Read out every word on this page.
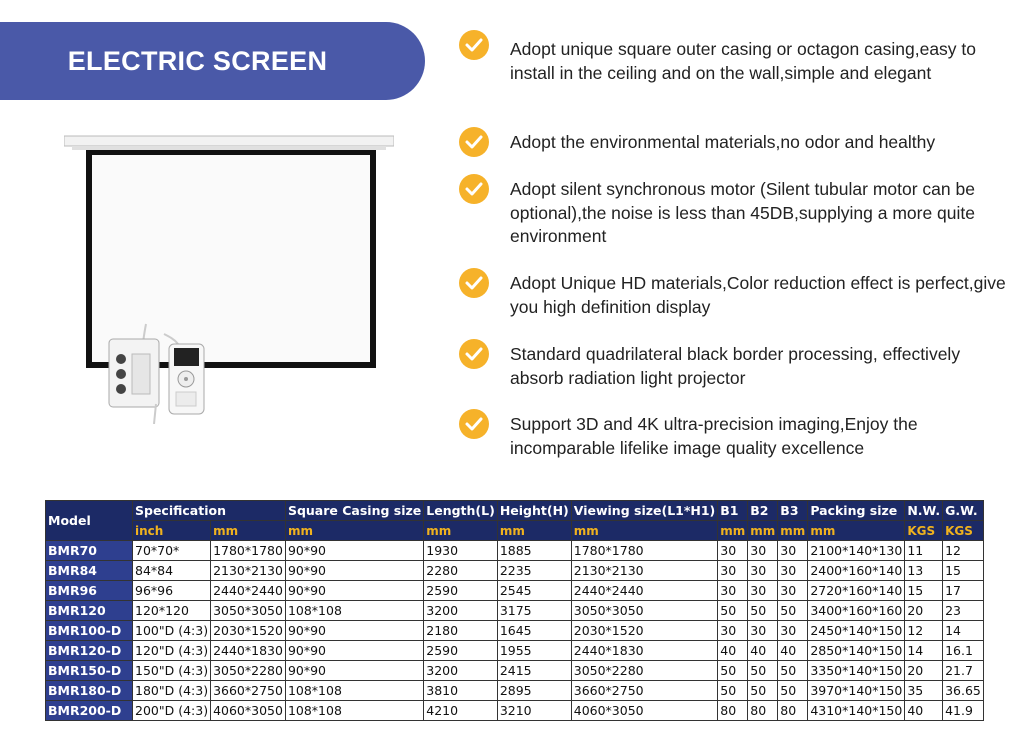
ELECTRIC SCREEN	Adopt unique square outer casing or octagon casing,easy to install in the ceiling and on the wall,simple and elegant
Adopt the environmental materials,no odor and healthy
Adopt silent synchronous motor (Silent tubular motor can be optional),the noise is less than 45DB,supplying a more quite environment
Adopt Unique HD materials,Color reduction effect is perfect,give you high definition display
Standard quadrilateral black border processing, effectively absorb radiation light projector
Support 3D and 4K ultra-precision imaging,Enjoy the incomparable lifelike image quality excellence
Model	Specification		Square Casing size	Length(L)	Height(H)	Viewing size(L1*H1)	B1	B2	B3	Packing size	N.W.	G.W.
	inch	mm	mm	mm	mm	mm	mm	mm	mm	mm	KGS	KGS
BMR70	70*70*	1780*1780	90*90	1930	1885	1780*1780	30	30	30	2100*140*130	11	12
BMR84	84*84	2130*2130	90*90	2280	2235	2130*2130	30	30	30	2400*160*140	13	15
BMR96	96*96	2440*2440	90*90	2590	2545	2440*2440	30	30	30	2720*160*140	15	17
BMR120	120*120	3050*3050	108*108	3200	3175	3050*3050	50	50	50	3400*160*160	20	23
BMR100-D	100"D (4:3)	2030*1520	90*90	2180	1645	2030*1520	30	30	30	2450*140*150	12	14
BMR120-D	120"D (4:3)	2440*1830	90*90	2590	1955	2440*1830	40	40	40	2850*140*150	14	16.1
BMR150-D	150"D (4:3)	3050*2280	90*90	3200	2415	3050*2280	50	50	50	3350*140*150	20	21.7
BMR180-D	180"D (4:3)	3660*2750	108*108	3810	2895	3660*2750	50	50	50	3970*140*150	35	36.65
BMR200-D	200"D (4:3)	4060*3050	108*108	4210	3210	4060*3050	80	80	80	4310*140*150	40	41.9
